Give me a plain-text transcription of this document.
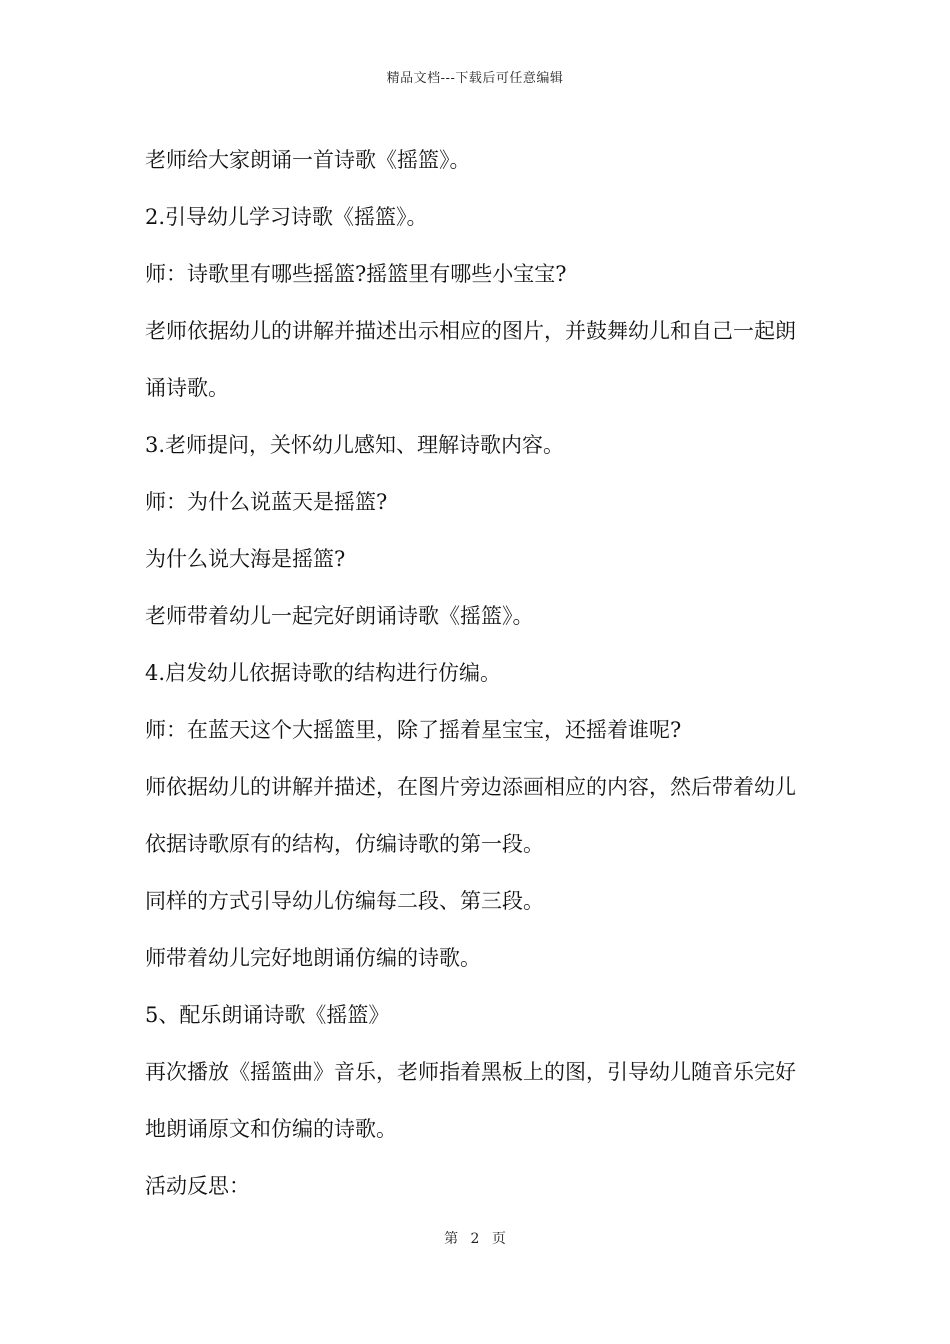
精品文档---下载后可任意编辑

老师给大家朗诵一首诗歌《摇篮》。

2.引导幼儿学习诗歌《摇篮》。

师：诗歌里有哪些摇篮?摇篮里有哪些小宝宝?

老师依据幼儿的讲解并描述出示相应的图片，并鼓舞幼儿和自己一起朗诵诗歌。

3.老师提问，关怀幼儿感知、理解诗歌内容。

师：为什么说蓝天是摇篮?

为什么说大海是摇篮?

老师带着幼儿一起完好朗诵诗歌《摇篮》。

4.启发幼儿依据诗歌的结构进行仿编。

师：在蓝天这个大摇篮里，除了摇着星宝宝，还摇着谁呢?

师依据幼儿的讲解并描述，在图片旁边添画相应的内容，然后带着幼儿依据诗歌原有的结构，仿编诗歌的第一段。

同样的方式引导幼儿仿编每二段、第三段。

师带着幼儿完好地朗诵仿编的诗歌。

5、配乐朗诵诗歌《摇篮》

再次播放《摇篮曲》音乐，老师指着黑板上的图，引导幼儿随音乐完好地朗诵原文和仿编的诗歌。

活动反思：

第 2 页
